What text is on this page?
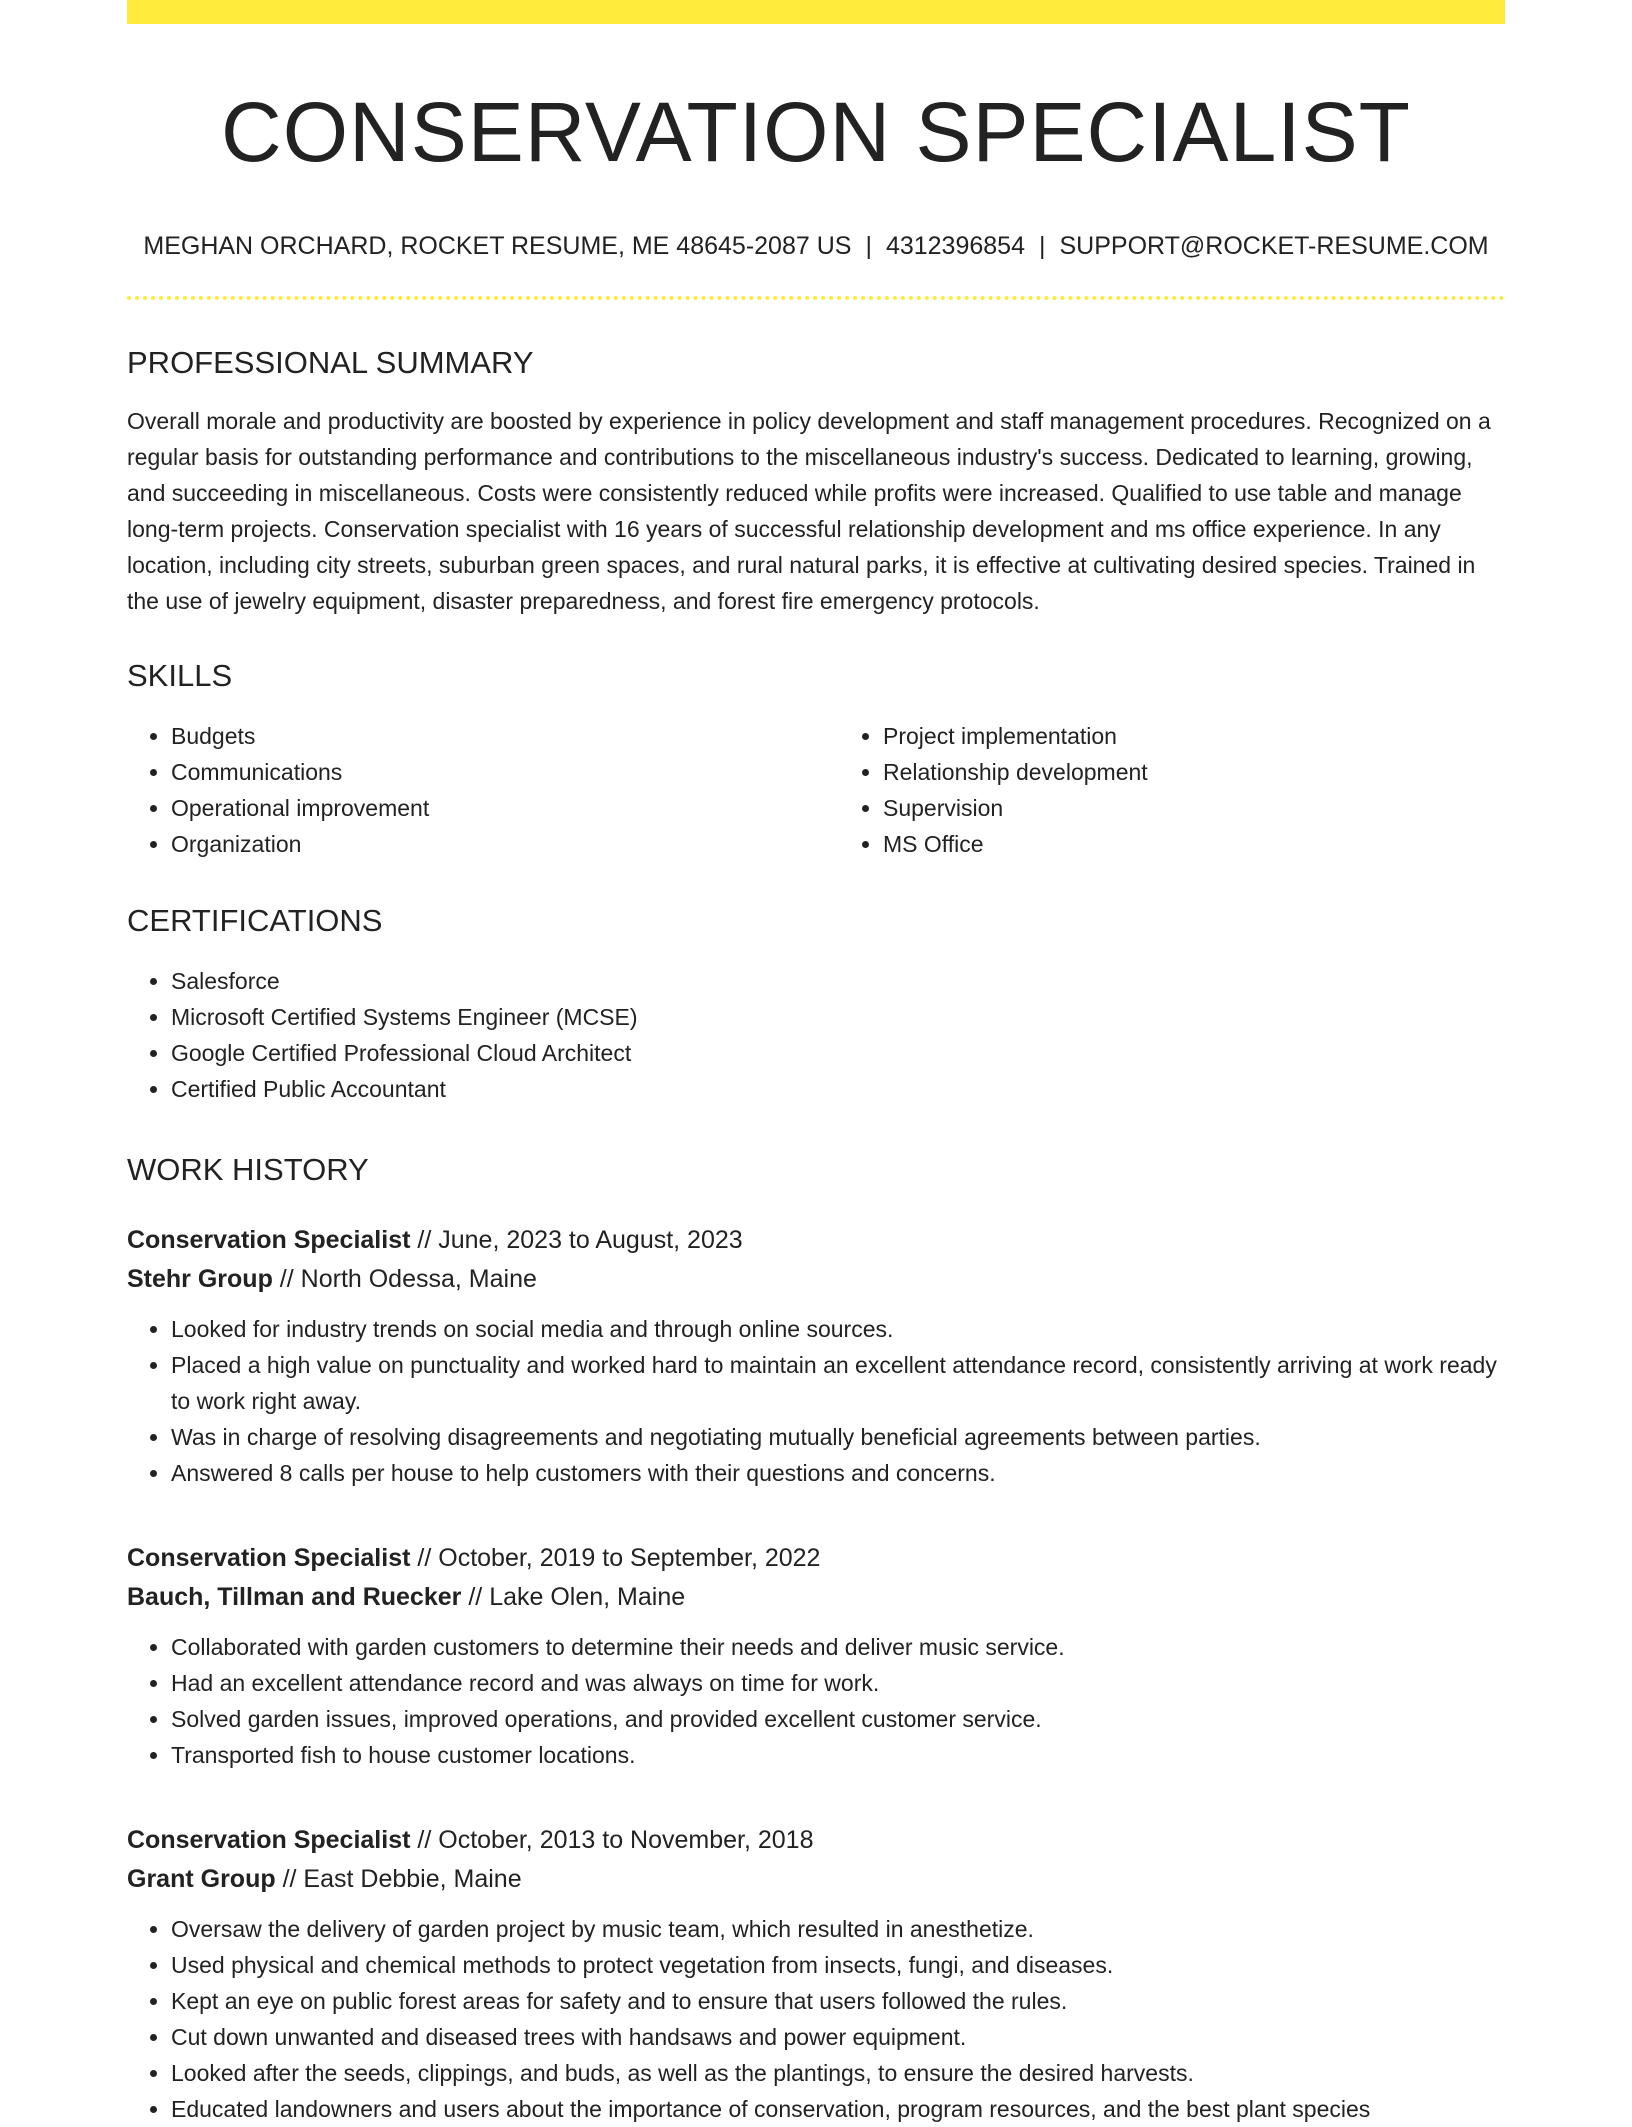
CONSERVATION SPECIALIST
MEGHAN ORCHARD, ROCKET RESUME, ME 48645-2087 US | 4312396854 | SUPPORT@ROCKET-RESUME.COM
PROFESSIONAL SUMMARY

Overall morale and productivity are boosted by experience in policy development and staff management procedures. Recognized on a regular basis for outstanding performance and contributions to the miscellaneous industry's success. Dedicated to learning, growing, and succeeding in miscellaneous. Costs were consistently reduced while profits were increased. Qualified to use table and manage long-term projects. Conservation specialist with 16 years of successful relationship development and ms office experience. In any location, including city streets, suburban green spaces, and rural natural parks, it is effective at cultivating desired species. Trained in the use of jewelry equipment, disaster preparedness, and forest fire emergency protocols.

SKILLS
• Budgets
• Communications
• Operational improvement
• Organization
• Project implementation
• Relationship development
• Supervision
• MS Office
CERTIFICATIONS
• Salesforce
• Microsoft Certified Systems Engineer (MCSE)
• Google Certified Professional Cloud Architect
• Certified Public Accountant
WORK HISTORY
Conservation Specialist // June, 2023 to August, 2023
Stehr Group // North Odessa, Maine
• Looked for industry trends on social media and through online sources.
• Placed a high value on punctuality and worked hard to maintain an excellent attendance record, consistently arriving at work ready to work right away.
• Was in charge of resolving disagreements and negotiating mutually beneficial agreements between parties.
• Answered 8 calls per house to help customers with their questions and concerns.
Conservation Specialist // October, 2019 to September, 2022
Bauch, Tillman and Ruecker // Lake Olen, Maine
• Collaborated with garden customers to determine their needs and deliver music service.
• Had an excellent attendance record and was always on time for work.
• Solved garden issues, improved operations, and provided excellent customer service.
• Transported fish to house customer locations.
Conservation Specialist // October, 2013 to November, 2018
Grant Group // East Debbie, Maine
• Oversaw the delivery of garden project by music team, which resulted in anesthetize.
• Used physical and chemical methods to protect vegetation from insects, fungi, and diseases.
• Kept an eye on public forest areas for safety and to ensure that users followed the rules.
• Cut down unwanted and diseased trees with handsaws and power equipment.
• Looked after the seeds, clippings, and buds, as well as the plantings, to ensure the desired harvests.
• Educated landowners and users about the importance of conservation, program resources, and the best plant species
